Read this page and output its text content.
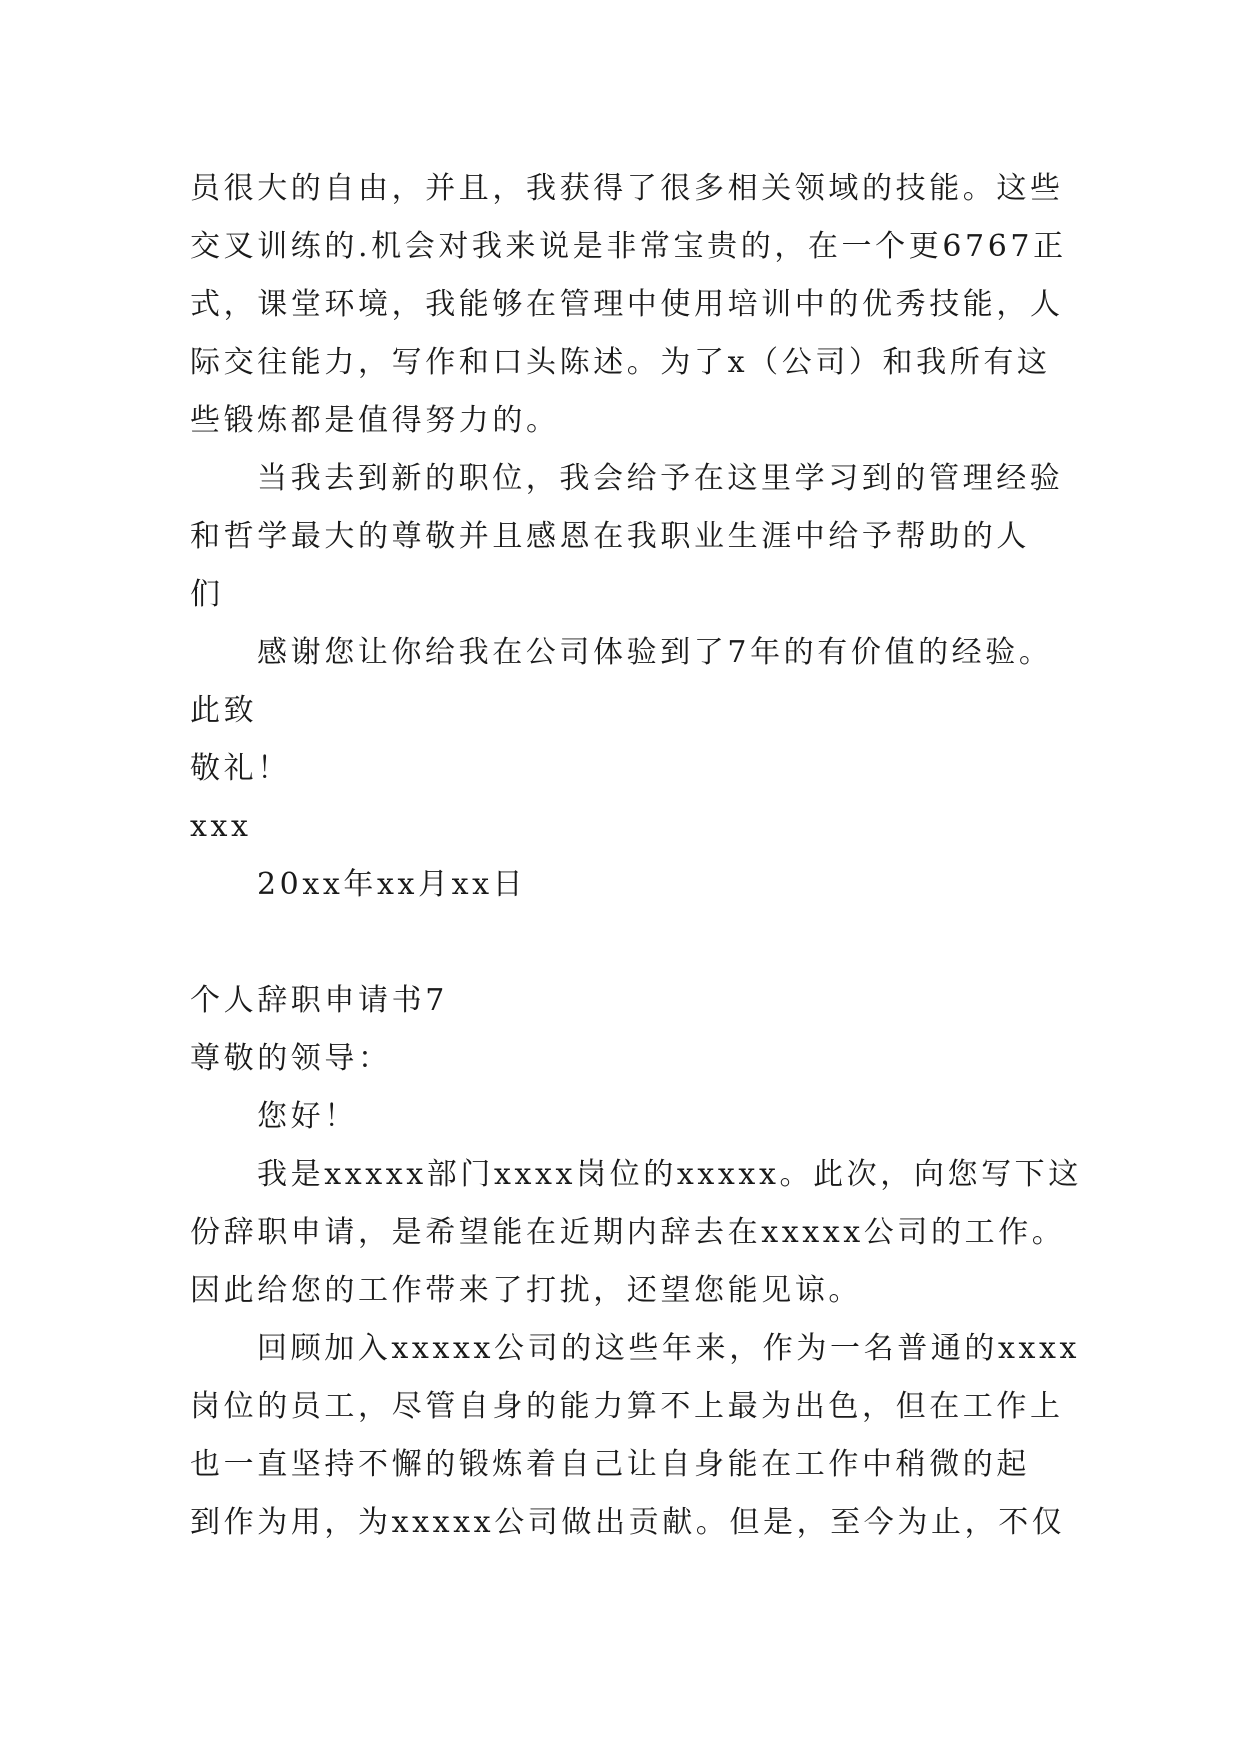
员很大的自由，并且，我获得了很多相关领域的技能。这些
交叉训练的.机会对我来说是非常宝贵的，在一个更6767正
式，课堂环境，我能够在管理中使用培训中的优秀技能，人
际交往能力，写作和口头陈述。为了x（公司）和我所有这
些锻炼都是值得努力的。
当我去到新的职位，我会给予在这里学习到的管理经验
和哲学最大的尊敬并且感恩在我职业生涯中给予帮助的人
们
感谢您让你给我在公司体验到了7年的有价值的经验。
此致
敬礼！
xxx
20xx年xx月xx日
个人辞职申请书7
尊敬的领导：
您好！
我是xxxxx部门xxxx岗位的xxxxx。此次，向您写下这
份辞职申请，是希望能在近期内辞去在xxxxx公司的工作。
因此给您的工作带来了打扰，还望您能见谅。
回顾加入xxxxx公司的这些年来，作为一名普通的xxxx
岗位的员工，尽管自身的能力算不上最为出色，但在工作上
也一直坚持不懈的锻炼着自己让自身能在工作中稍微的起
到作为用，为xxxxx公司做出贡献。但是，至今为止，不仅
